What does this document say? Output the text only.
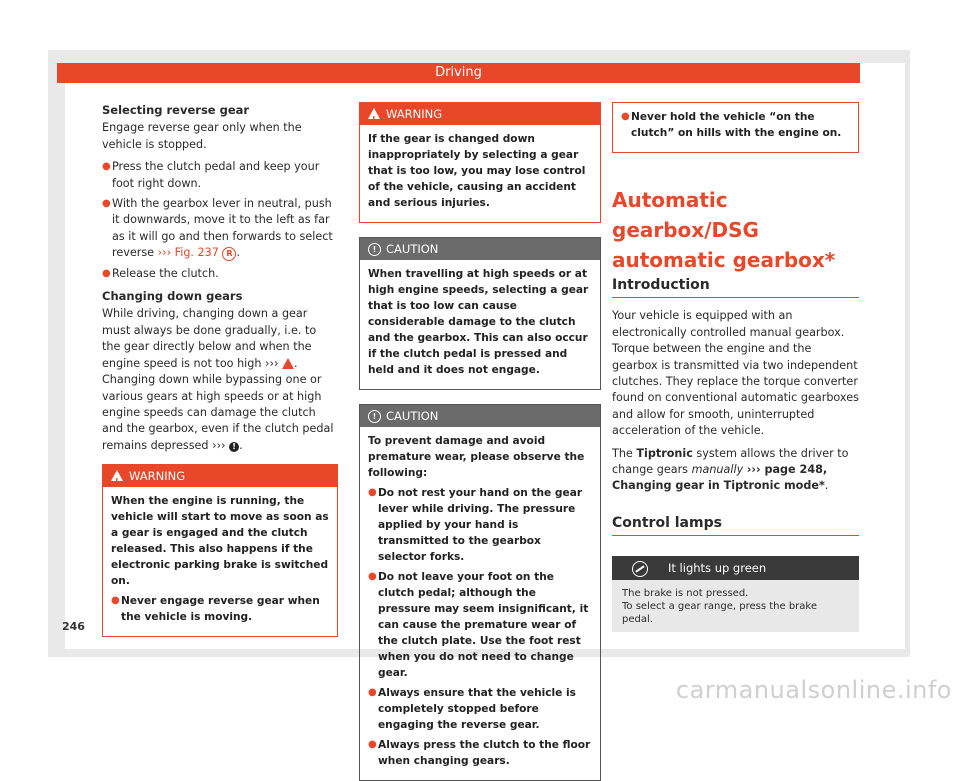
Driving
Selecting reverse gear

Engage reverse gear only when the vehicle is stopped.

● Press the clutch pedal and keep your foot right down.
● With the gearbox lever in neutral, push it downwards, move it to the left as far as it will go and then forwards to select reverse ››› Fig. 237 R .
● Release the clutch.
Changing down gears

While driving, changing down a gear must always be done gradually, i.e. to the gear directly below and when the engine speed is not too high ››› . Changing down while bypassing one or various gears at high speeds or at high engine speeds can damage the clutch and the gearbox, even if the clutch pedal remains depressed ››› ! .

!
WARNING

When the engine is running, the vehicle will start to move as soon as a gear is engaged and the clutch released. This also happens if the electronic parking brake is switched on.

● Never engage reverse gear when the vehicle is moving.
!
WARNING

If the gear is changed down inappropriately by selecting a gear that is too low, you may lose control of the vehicle, causing an accident and serious injuries.

! CAUTION

When travelling at high speeds or at high engine speeds, selecting a gear that is too low can cause considerable damage to the clutch and the gearbox. This can also occur if the clutch pedal is pressed and held and it does not engage.

! CAUTION

To prevent damage and avoid premature wear, please observe the following:

● Do not rest your hand on the gear lever while driving. The pressure applied by your hand is transmitted to the gearbox selector forks.
● Do not leave your foot on the clutch pedal; although the pressure may seem insignificant, it can cause the premature wear of the clutch plate. Use the foot rest when you do not need to change gear.
● Always ensure that the vehicle is completely stopped before engaging the reverse gear.
● Always press the clutch to the floor when changing gears.
● Never hold the vehicle “on the clutch” on hills with the engine on.
Automatic gearbox/DSG automatic gearbox*
Introduction

Your vehicle is equipped with an electronically controlled manual gearbox. Torque between the engine and the gearbox is transmitted via two independent clutches. They replace the torque converter found on conventional automatic gearboxes and allow for smooth, uninterrupted acceleration of the vehicle.

The Tiptronic system allows the driver to change gears manually ››› page 248, Changing gear in Tiptronic mode*.

Control lamps
It lights up green
The brake is not pressed.
To select a gear range, press the brake pedal.
246
carmanualsonline.info
